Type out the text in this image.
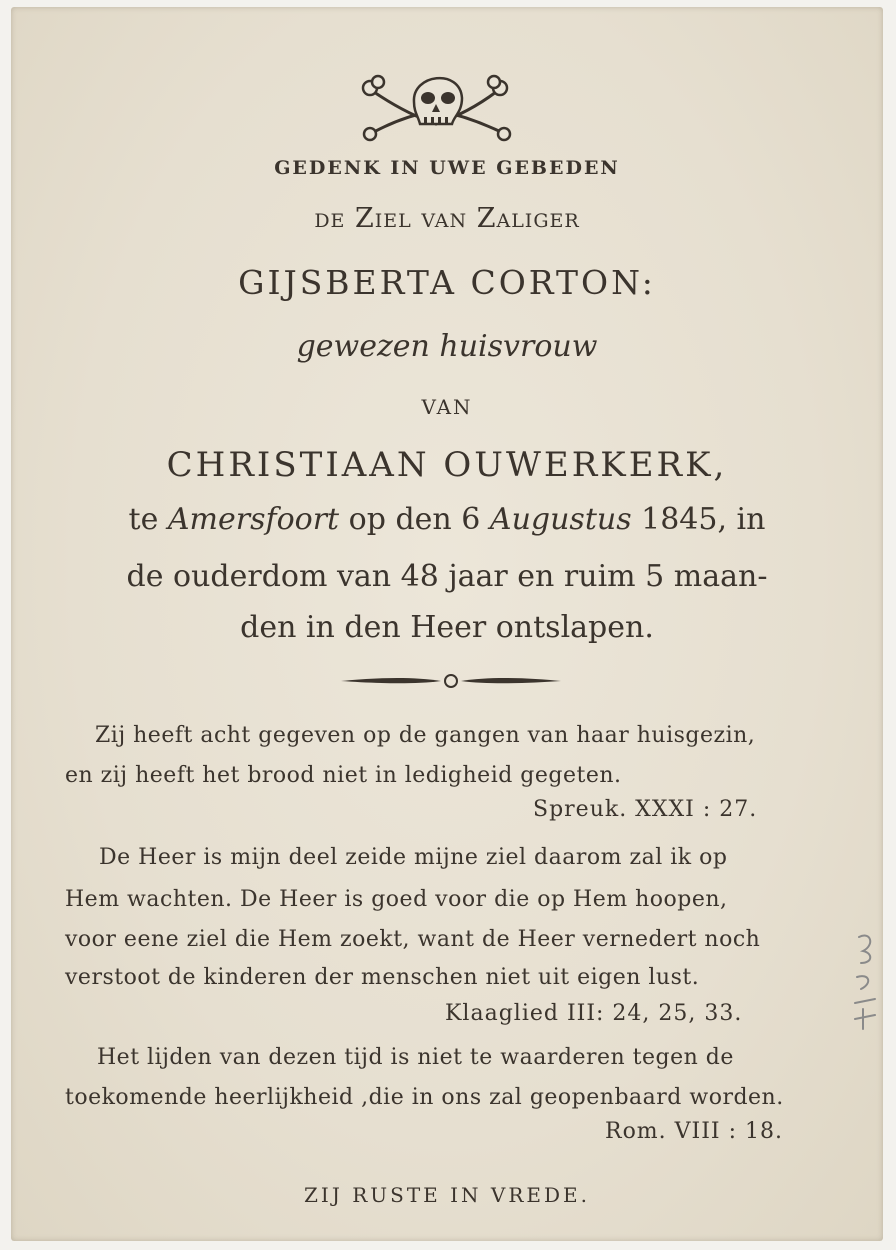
GEDENK IN UWE GEBEDEN
de Ziel van Zaliger
GIJSBERTA CORTON:
gewezen huisvrouw
VAN
CHRISTIAAN OUWERKERK,
te Amersfoort op den 6 Augustus 1845, in
de ouderdom van 48 jaar en ruim 5 maan-
den in den Heer ontslapen.
Zij heeft acht gegeven op de gangen van haar huisgezin,
en zij heeft het brood niet in ledigheid gegeten.
Spreuk. XXXI : 27.
De Heer is mijn deel zeide mijne ziel daarom zal ik op
Hem wachten. De Heer is goed voor die op Hem hoopen,
voor eene ziel die Hem zoekt, want de Heer vernedert noch
verstoot de kinderen der menschen niet uit eigen lust.
Klaaglied III: 24, 25, 33.
Het lijden van dezen tijd is niet te waarderen tegen de
toekomende heerlijkheid ,die in ons zal geopenbaard worden.
Rom. VIII : 18.
ZIJ RUSTE IN VREDE.
